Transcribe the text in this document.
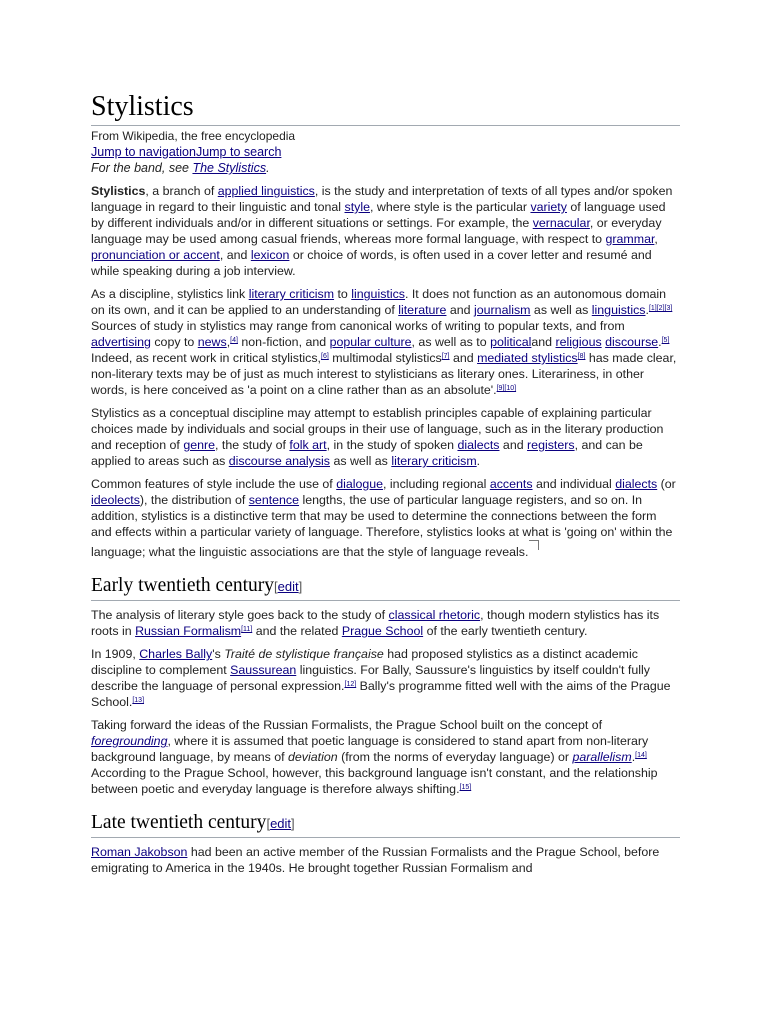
Stylistics
From Wikipedia, the free encyclopedia
Jump to navigationJump to search
For the band, see The Stylistics.

Stylistics, a branch of applied linguistics, is the study and interpretation of texts of all types and/or spoken language in regard to their linguistic and tonal style, where style is the particular variety of language used by different individuals and/or in different situations or settings. For example, the vernacular, or everyday language may be used among casual friends, whereas more formal language, with respect to grammar, pronunciation or accent, and lexicon or choice of words, is often used in a cover letter and resumé and while speaking during a job interview.

As a discipline, stylistics link literary criticism to linguistics. It does not function as an autonomous domain on its own, and it can be applied to an understanding of literature and journalism as well as linguistics.[1][2][3] Sources of study in stylistics may range from canonical works of writing to popular texts, and from advertising copy to news,[4] non-fiction, and popular culture, as well as to politicaland religious discourse.[5] Indeed, as recent work in critical stylistics,[6] multimodal stylistics[7] and mediated stylistics[8] has made clear, non-literary texts may be of just as much interest to stylisticians as literary ones. Literariness, in other words, is here conceived as 'a point on a cline rather than as an absolute'.[9][10]

Stylistics as a conceptual discipline may attempt to establish principles capable of explaining particular choices made by individuals and social groups in their use of language, such as in the literary production and reception of genre, the study of folk art, in the study of spoken dialects and registers, and can be applied to areas such as discourse analysis as well as literary criticism.

Common features of style include the use of dialogue, including regional accents and individual dialects (or ideolects), the distribution of sentence lengths, the use of particular language registers, and so on. In addition, stylistics is a distinctive term that may be used to determine the connections between the form and effects within a particular variety of language. Therefore, stylistics looks at what is 'going on' within the language; what the linguistic associations are that the style of language reveals.

Early twentieth century[edit]

The analysis of literary style goes back to the study of classical rhetoric, though modern stylistics has its roots in Russian Formalism[11] and the related Prague School of the early twentieth century.

In 1909, Charles Bally's Traité de stylistique française had proposed stylistics as a distinct academic discipline to complement Saussurean linguistics. For Bally, Saussure's linguistics by itself couldn't fully describe the language of personal expression.[12] Bally's programme fitted well with the aims of the Prague School.[13]

Taking forward the ideas of the Russian Formalists, the Prague School built on the concept of foregrounding, where it is assumed that poetic language is considered to stand apart from non-literary background language, by means of deviation (from the norms of everyday language) or parallelism.[14] According to the Prague School, however, this background language isn't constant, and the relationship between poetic and everyday language is therefore always shifting.[15]

Late twentieth century[edit]

Roman Jakobson had been an active member of the Russian Formalists and the Prague School, before emigrating to America in the 1940s. He brought together Russian Formalism and
